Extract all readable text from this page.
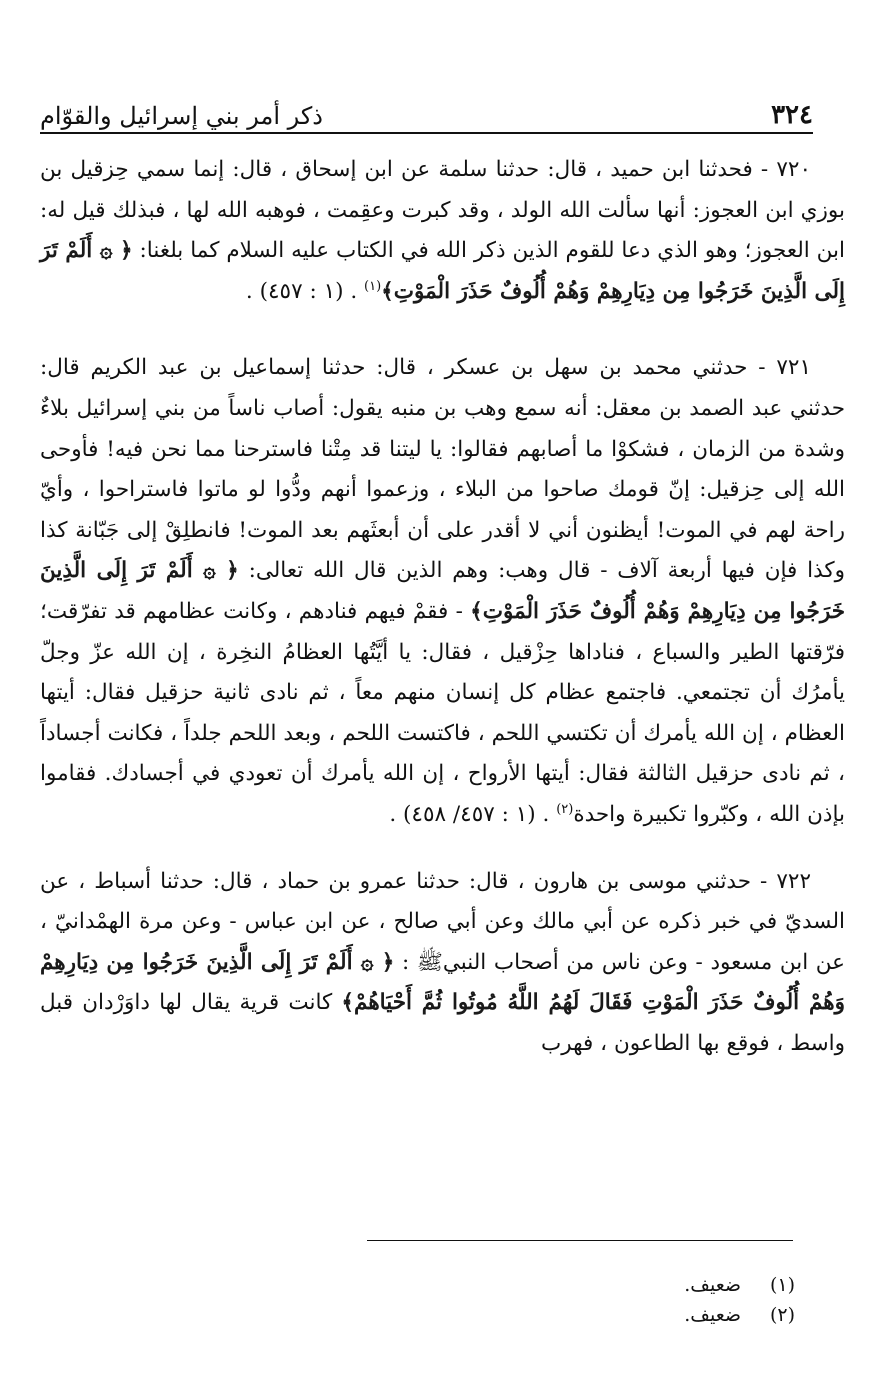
٣٢٤
ذكر أمر بني إسرائيل والقوّام

٧٢٠ - فحدثنا ابن حميد ، قال: حدثنا سلمة عن ابن إسحاق ، قال: إنما سمي حِزقيل بن بوزي ابن العجوز: أنها سألت الله الولد ، وقد كبرت وعقِمت ، فوهبه الله لها ، فبذلك قيل له: ابن العجوز؛ وهو الذي دعا للقوم الذين ذكر الله في الكتاب عليه السلام كما بلغنا: ﴿ ۞ أَلَمْ تَرَ إِلَى الَّذِينَ خَرَجُوا مِن دِيَارِهِمْ وَهُمْ أُلُوفٌ حَذَرَ الْمَوْتِ﴾$^{(١)}$ . (١ : ٤٥٧) .

٧٢١ - حدثني محمد بن سهل بن عسكر ، قال: حدثنا إسماعيل بن عبد الكريم قال: حدثني عبد الصمد بن معقل: أنه سمع وهب بن منبه يقول: أصاب ناساً من بني إسرائيل بلاءٌ وشدة من الزمان ، فشكوْا ما أصابهم فقالوا: يا ليتنا قد مِتْنا فاسترحنا مما نحن فيه! فأوحى الله إلى حِزقيل: إنّ قومك صاحوا من البلاء ، وزعموا أنهم ودُّوا لو ماتوا فاستراحوا ، وأيّ راحة لهم في الموت! أيظنون أني لا أقدر على أن أبعثَهم بعد الموت! فانطلِقْ إلى جَبّانة كذا وكذا فإن فيها أربعة آلاف - قال وهب: وهم الذين قال الله تعالى: ﴿ ۞ أَلَمْ تَرَ إِلَى الَّذِينَ خَرَجُوا مِن دِيَارِهِمْ وَهُمْ أُلُوفٌ حَذَرَ الْمَوْتِ﴾ - فقمْ فيهم فنادهم ، وكانت عظامهم قد تفرّقت؛ فرّقتها الطير والسباع ، فناداها حِزْقيل ، فقال: يا أيَّتُها العظامُ النخِرة ، إن الله عزّ وجلّ يأمرُك أن تجتمعي. فاجتمع عظام كل إنسان منهم معاً ، ثم نادى ثانية حزقيل فقال: أيتها العظام ، إن الله يأمرك أن تكتسي اللحم ، فاكتست اللحم ، وبعد اللحم جلداً ، فكانت أجساداً ، ثم نادى حزقيل الثالثة فقال: أيتها الأرواح ، إن الله يأمرك أن تعودي في أجسادك. فقاموا بإذن الله ، وكبّروا تكبيرة واحدة$^{(٢)}$ . (١ : ٤٥٧/ ٤٥٨) .

٧٢٢ - حدثني موسى بن هارون ، قال: حدثنا عمرو بن حماد ، قال: حدثنا أسباط ، عن السديّ في خبر ذكره عن أبي مالك وعن أبي صالح ، عن ابن عباس - وعن مرة الهمْدانيّ ، عن ابن مسعود - وعن ناس من أصحاب النبيﷺ : ﴿ ۞ أَلَمْ تَرَ إِلَى الَّذِينَ خَرَجُوا مِن دِيَارِهِمْ وَهُمْ أُلُوفٌ حَذَرَ الْمَوْتِ فَقَالَ لَهُمُ اللَّهُ مُوتُوا ثُمَّ أَحْيَاهُمْ﴾ كانت قرية يقال لها داوَرْدان قبل واسط ، فوقع بها الطاعون ، فهرب

(١)
ضعيف.
(٢)
ضعيف.
